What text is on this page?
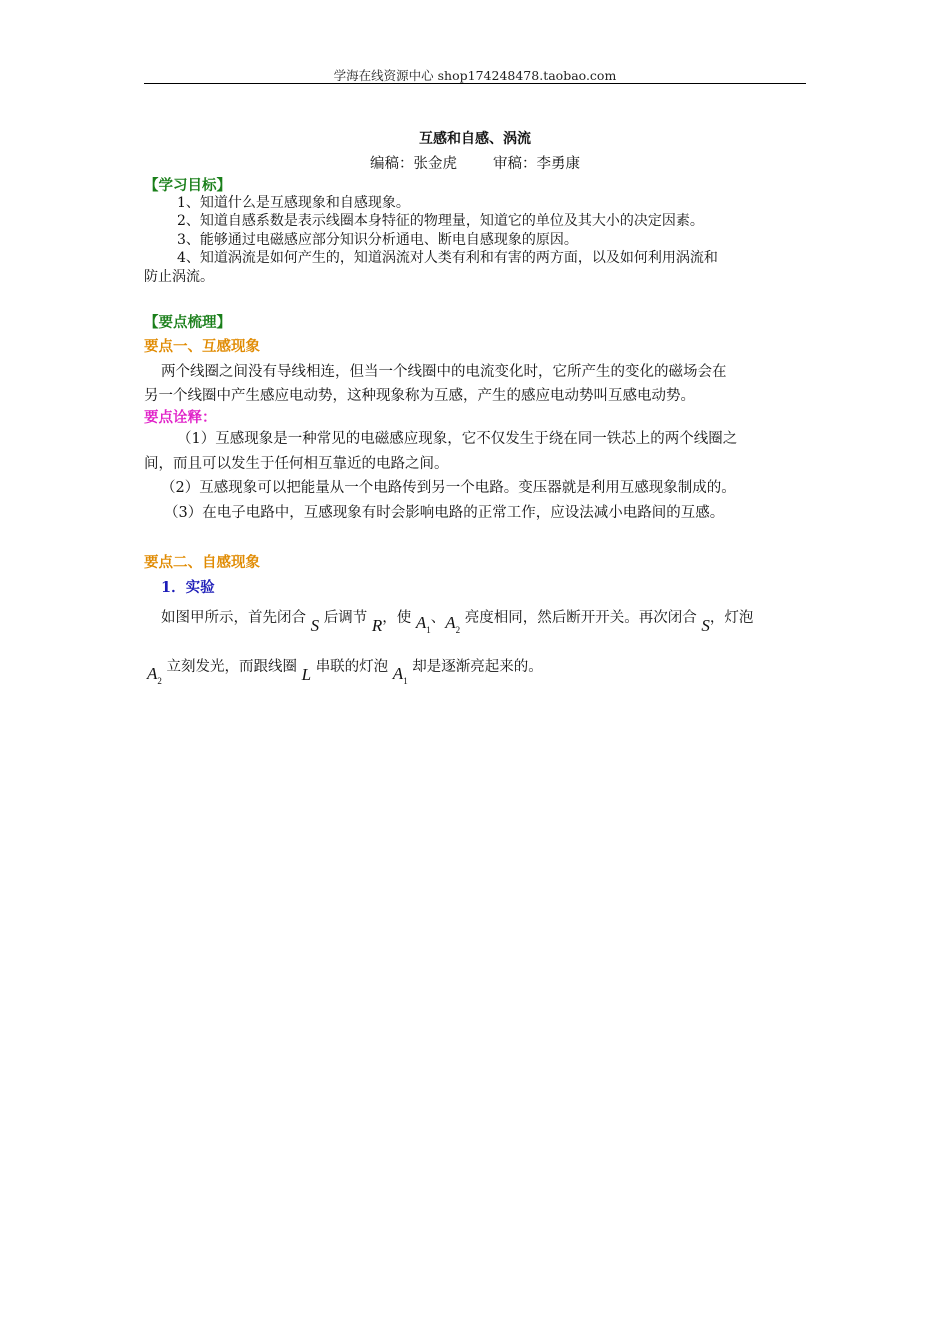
学海在线资源中心 shop174248478.taobao.com
互感和自感、涡流
编稿：张金虎 审稿：李勇康
【学习目标】
1、知道什么是互感现象和自感现象。
2、知道自感系数是表示线圈本身特征的物理量，知道它的单位及其大小的决定因素。
3、能够通过电磁感应部分知识分析通电、断电自感现象的原因。
4、知道涡流是如何产生的，知道涡流对人类有利和有害的两方面，以及如何利用涡流和
防止涡流。
【要点梳理】
要点一、互感现象
两个线圈之间没有导线相连，但当一个线圈中的电流变化时，它所产生的变化的磁场会在
另一个线圈中产生感应电动势，这种现象称为互感，产生的感应电动势叫互感电动势。
要点诠释：
（1）互感现象是一种常见的电磁感应现象，它不仅发生于绕在同一铁芯上的两个线圈之
间，而且可以发生于任何相互靠近的电路之间。
（2）互感现象可以把能量从一个电路传到另一个电路。变压器就是利用互感现象制成的。
（3）在电子电路中，互感现象有时会影响电路的正常工作，应设法减小电路间的互感。
要点二、自感现象
1．实验
如图甲所示，首先闭合 S 后调节 R，使 $A_1$、$A_2$ 亮度相同，然后断开开关。再次闭合 S，灯泡
$A_2$ 立刻发光，而跟线圈 L 串联的灯泡 $A_1$ 却是逐渐亮起来的。
